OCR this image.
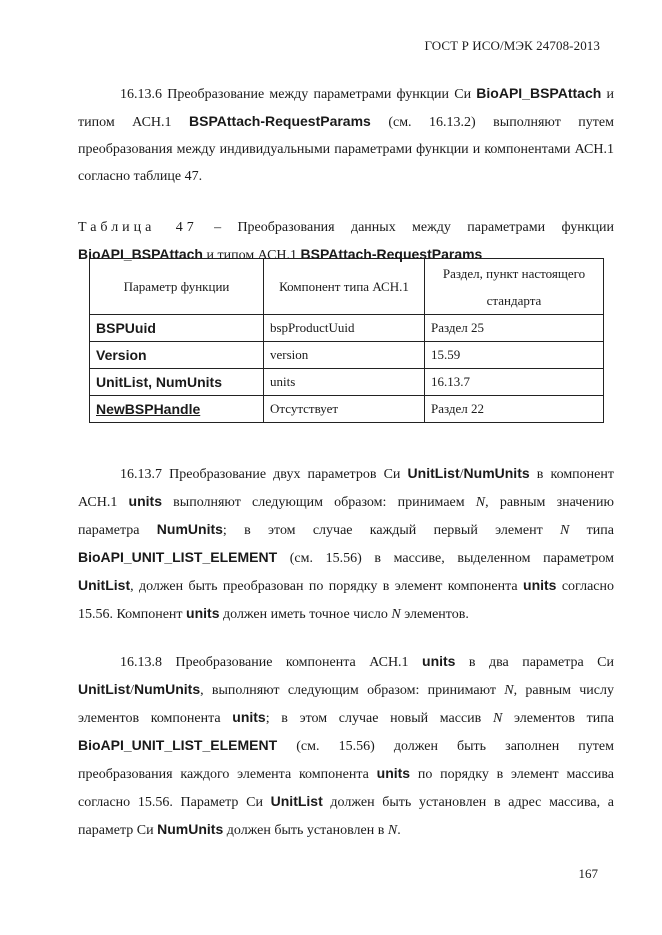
ГОСТ Р ИСО/МЭК 24708-2013

16.13.6 Преобразование между параметрами функции Си BioAPI_BSPAttach и типом АСН.1 BSPAttach-RequestParams (см. 16.13.2) выполняют путем преобразования между индивидуальными параметрами функции и компонентами АСН.1 согласно таблице 47.

Таблица 47 – Преобразования данных между параметрами функции BioAPI_BSPAttach и типом АСН.1 BSPAttach-RequestParams

Параметр функции	Компонент типа АСН.1	Раздел, пункт настоящего стандарта
BSPUuid	bspProductUuid	Раздел 25
Version	version	15.59
UnitList, NumUnits	units	16.13.7
NewBSPHandle	Отсутствует	Раздел 22

16.13.7 Преобразование двух параметров Си UnitList/NumUnits в компонент АСН.1 units выполняют следующим образом: принимаем N, равным значению параметра NumUnits; в этом случае каждый первый элемент N типа BioAPI_UNIT_LIST_ELEMENT (см. 15.56) в массиве, выделенном параметром UnitList, должен быть преобразован по порядку в элемент компонента units согласно 15.56. Компонент units должен иметь точное число N элементов.

16.13.8 Преобразование компонента АСН.1 units в два параметра Си UnitList/NumUnits, выполняют следующим образом: принимают N, равным числу элементов компонента units; в этом случае новый массив N элементов типа BioAPI_UNIT_LIST_ELEMENT (см. 15.56) должен быть заполнен путем преобразования каждого элемента компонента units по порядку в элемент массива согласно 15.56. Параметр Си UnitList должен быть установлен в адрес массива, а параметр Си NumUnits должен быть установлен в N.

167
